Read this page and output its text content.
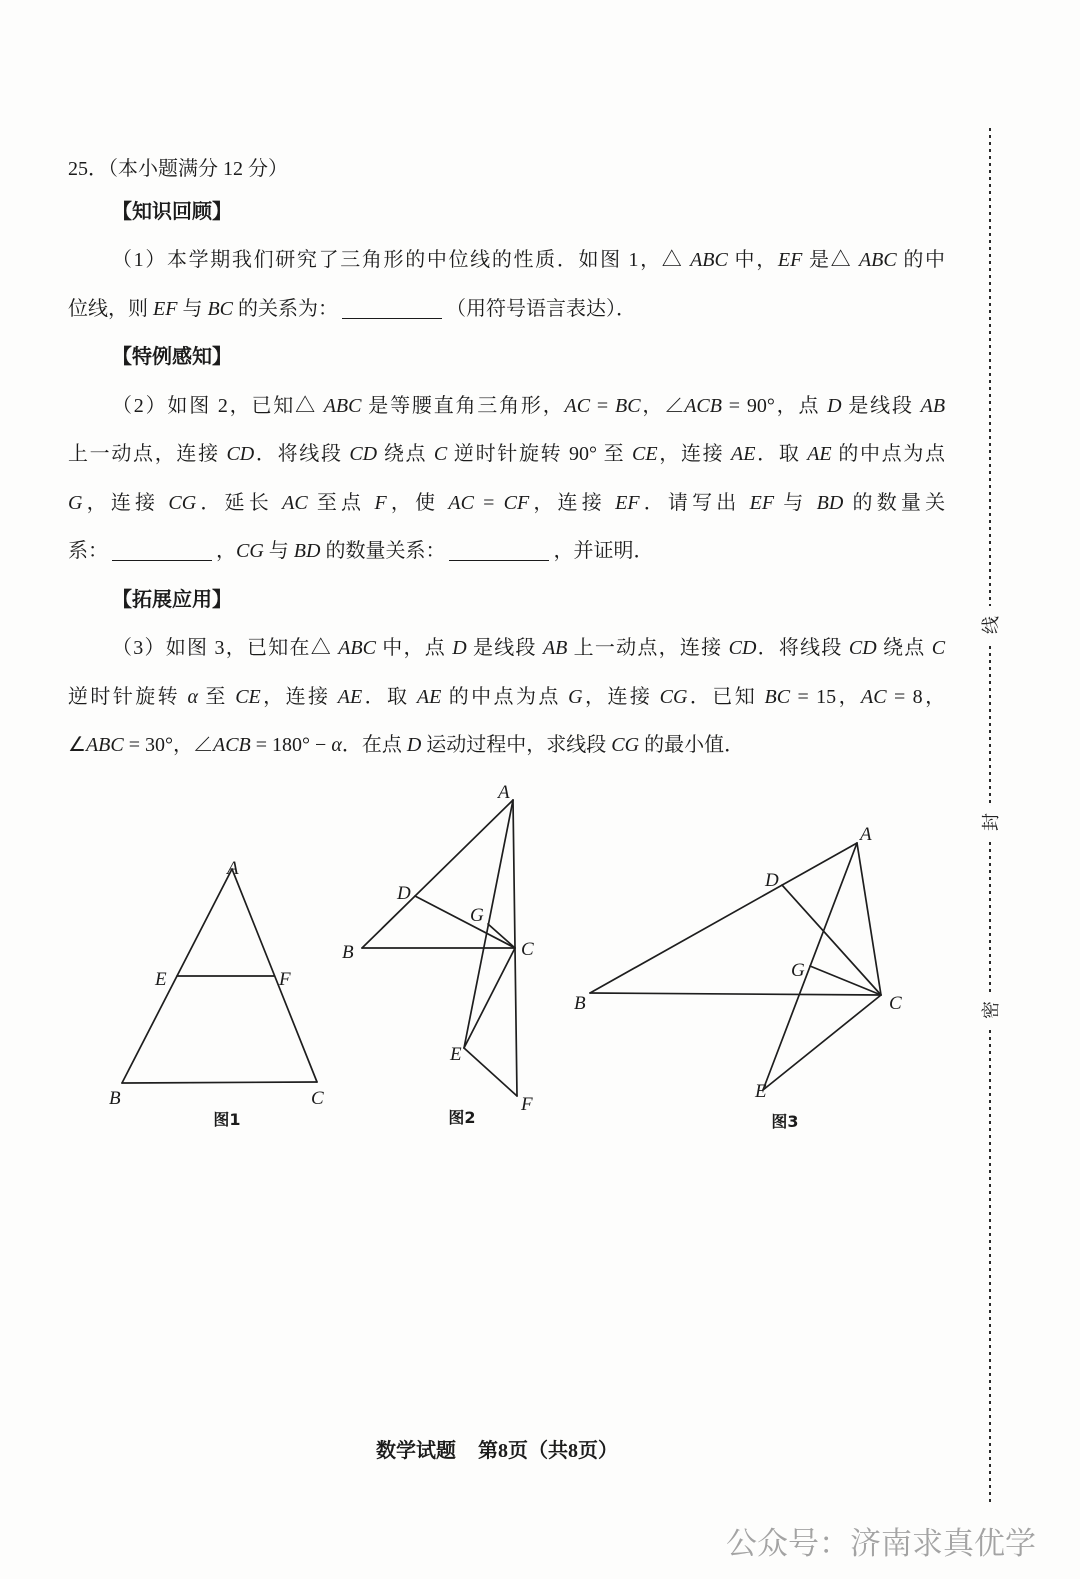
25．（本小题满分 12 分）
【知识回顾】
（1）本学期我们研究了三角形的中位线的性质．如图 1，△ ABC 中，EF 是△ ABC 的中
位线，则 EF 与 BC 的关系为：	（用符号语言表达）．
【特例感知】
（2）如图 2，已知△ ABC 是等腰直角三角形，AC = BC，∠ACB = 90°，点 D 是线段 AB
上一动点，连接 CD．将线段 CD 绕点 C 逆时针旋转 90° 至 CE，连接 AE．取 AE 的中点为点
G，连接 CG．延长 AC 至点 F，使 AC = CF，连接 EF．请写出 EF 与 BD 的数量关
系：	，CG 与 BD 的数量关系：	，并证明．
【拓展应用】
（3）如图 3，已知在△ ABC 中，点 D 是线段 AB 上一动点，连接 CD．将线段 CD 绕点 C
逆时针旋转 α 至 CE，连接 AE．取 AE 的中点为点 G，连接 CG．已知 BC = 15，AC = 8，
∠ABC = 30°，∠ACB = 180° − α．在点 D 运动过程中，求线段 CG 的最小值．
A
E	F
B	C
图1
A
D
G
B	C
E
F
图2
A
D
G
B	C
E
图3
线
封
密
数学试题 第8页（共8页）
公众号：济南求真优学
